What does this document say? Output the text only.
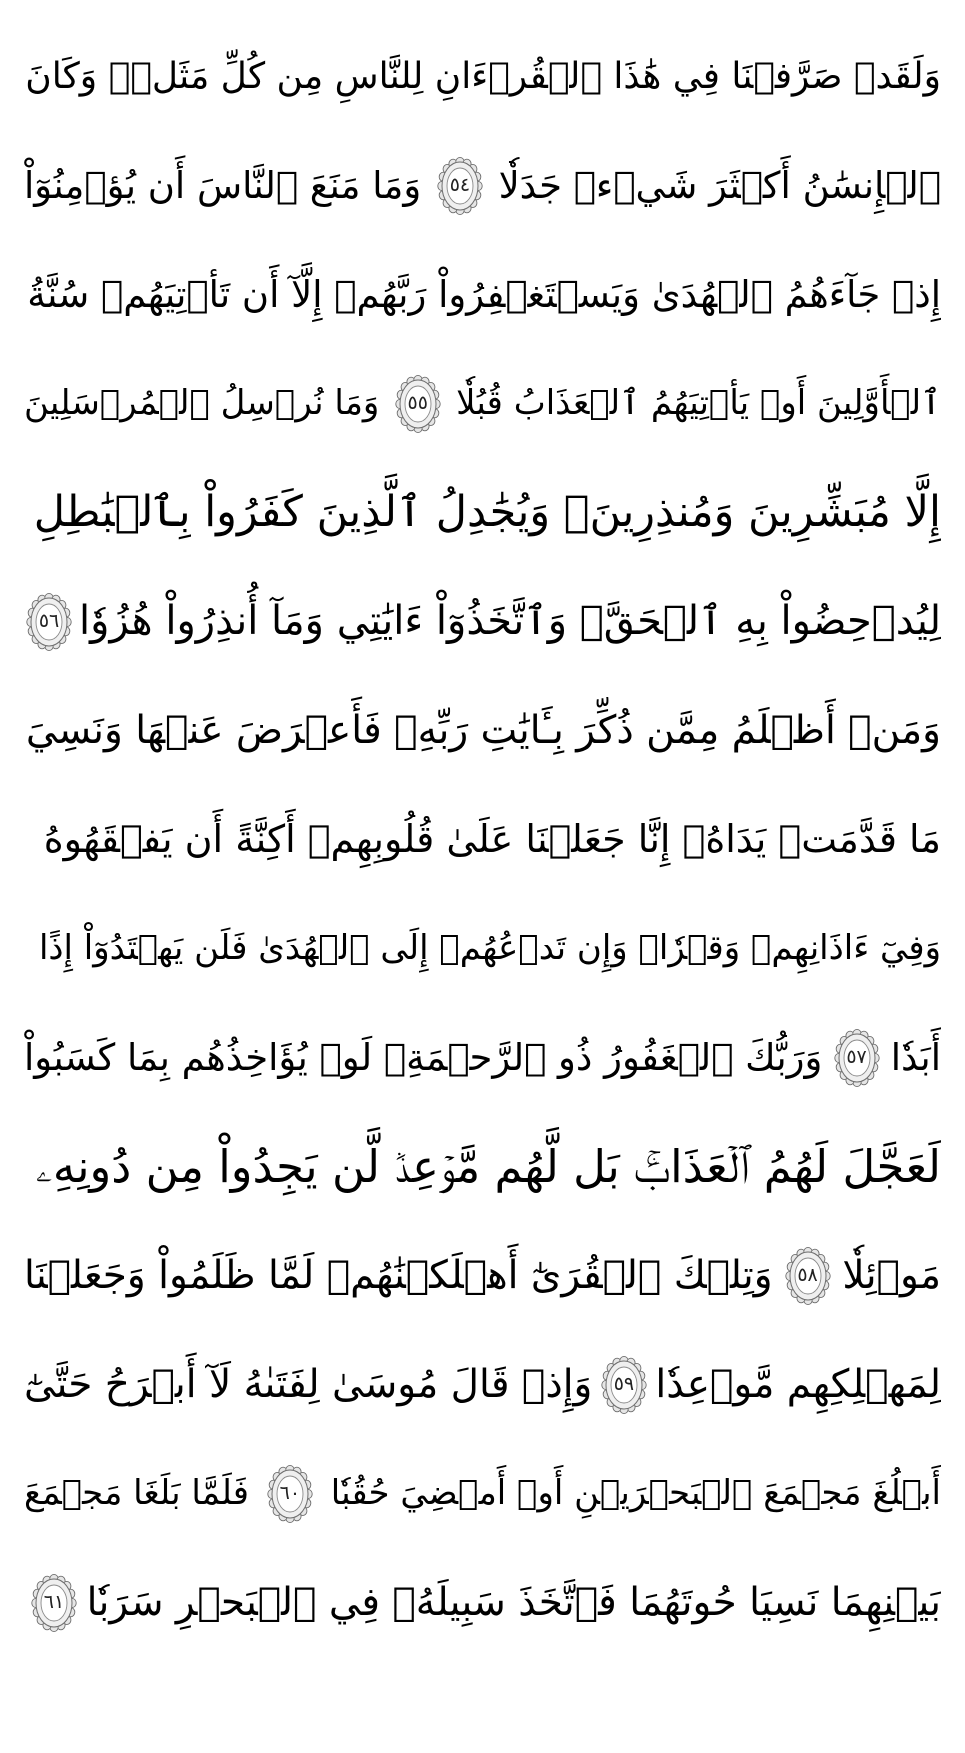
وَلَقَدۡ صَرَّفۡنَا فِي هَٰذَا ٱلۡقُرۡءَانِ لِلنَّاسِ مِن كُلِّ مَثَلٖۚ وَكَانَ
ٱلۡإِنسَٰنُ أَكۡثَرَ شَيۡءٖ جَدَلٗا
٥٤
وَمَا مَنَعَ ٱلنَّاسَ أَن يُؤۡمِنُوٓاْ
إِذۡ جَآءَهُمُ ٱلۡهُدَىٰ وَيَسۡتَغۡفِرُواْ رَبَّهُمۡ إِلَّآ أَن تَأۡتِيَهُمۡ سُنَّةُ
ٱلۡأَوَّلِينَ أَوۡ يَأۡتِيَهُمُ ٱلۡعَذَابُ قُبُلٗا
٥٥
وَمَا نُرۡسِلُ ٱلۡمُرۡسَلِينَ
إِلَّا مُبَشِّرِينَ وَمُنذِرِينَۚ وَيُجَٰدِلُ ٱلَّذِينَ كَفَرُواْ بِٱلۡبَٰطِلِ
لِيُدۡحِضُواْ بِهِ ٱلۡحَقَّۖ وَٱتَّخَذُوٓاْ ءَايَٰتِي وَمَآ أُنذِرُواْ هُزُوٗا
٥٦
وَمَنۡ أَظۡلَمُ مِمَّن ذُكِّرَ بِـَٔايَٰتِ رَبِّهِۦ فَأَعۡرَضَ عَنۡهَا وَنَسِيَ
مَا قَدَّمَتۡ يَدَاهُۚ إِنَّا جَعَلۡنَا عَلَىٰ قُلُوبِهِمۡ أَكِنَّةً أَن يَفۡقَهُوهُ
وَفِيٓ ءَاذَانِهِمۡ وَقۡرٗاۖ وَإِن تَدۡعُهُمۡ إِلَى ٱلۡهُدَىٰ فَلَن يَهۡتَدُوٓاْ إِذًا
أَبَدٗا
٥٧
وَرَبُّكَ ٱلۡغَفُورُ ذُو ٱلرَّحۡمَةِۖ لَوۡ يُؤَاخِذُهُم بِمَا كَسَبُواْ
لَعَجَّلَ لَهُمُ ٱلۡعَذَابَۚ بَل لَّهُم مَّوۡعِدٞ لَّن يَجِدُواْ مِن دُونِهِۦ
مَوۡئِلٗا
٥٨
وَتِلۡكَ ٱلۡقُرَىٰٓ أَهۡلَكۡنَٰهُمۡ لَمَّا ظَلَمُواْ وَجَعَلۡنَا
لِمَهۡلِكِهِم مَّوۡعِدٗا
٥٩
وَإِذۡ قَالَ مُوسَىٰ لِفَتَىٰهُ لَآ أَبۡرَحُ حَتَّىٰٓ
أَبۡلُغَ مَجۡمَعَ ٱلۡبَحۡرَيۡنِ أَوۡ أَمۡضِيَ حُقُبٗا
٦٠
فَلَمَّا بَلَغَا مَجۡمَعَ
بَيۡنِهِمَا نَسِيَا حُوتَهُمَا فَٱتَّخَذَ سَبِيلَهُۥ فِي ٱلۡبَحۡرِ سَرَبٗا
٦١
